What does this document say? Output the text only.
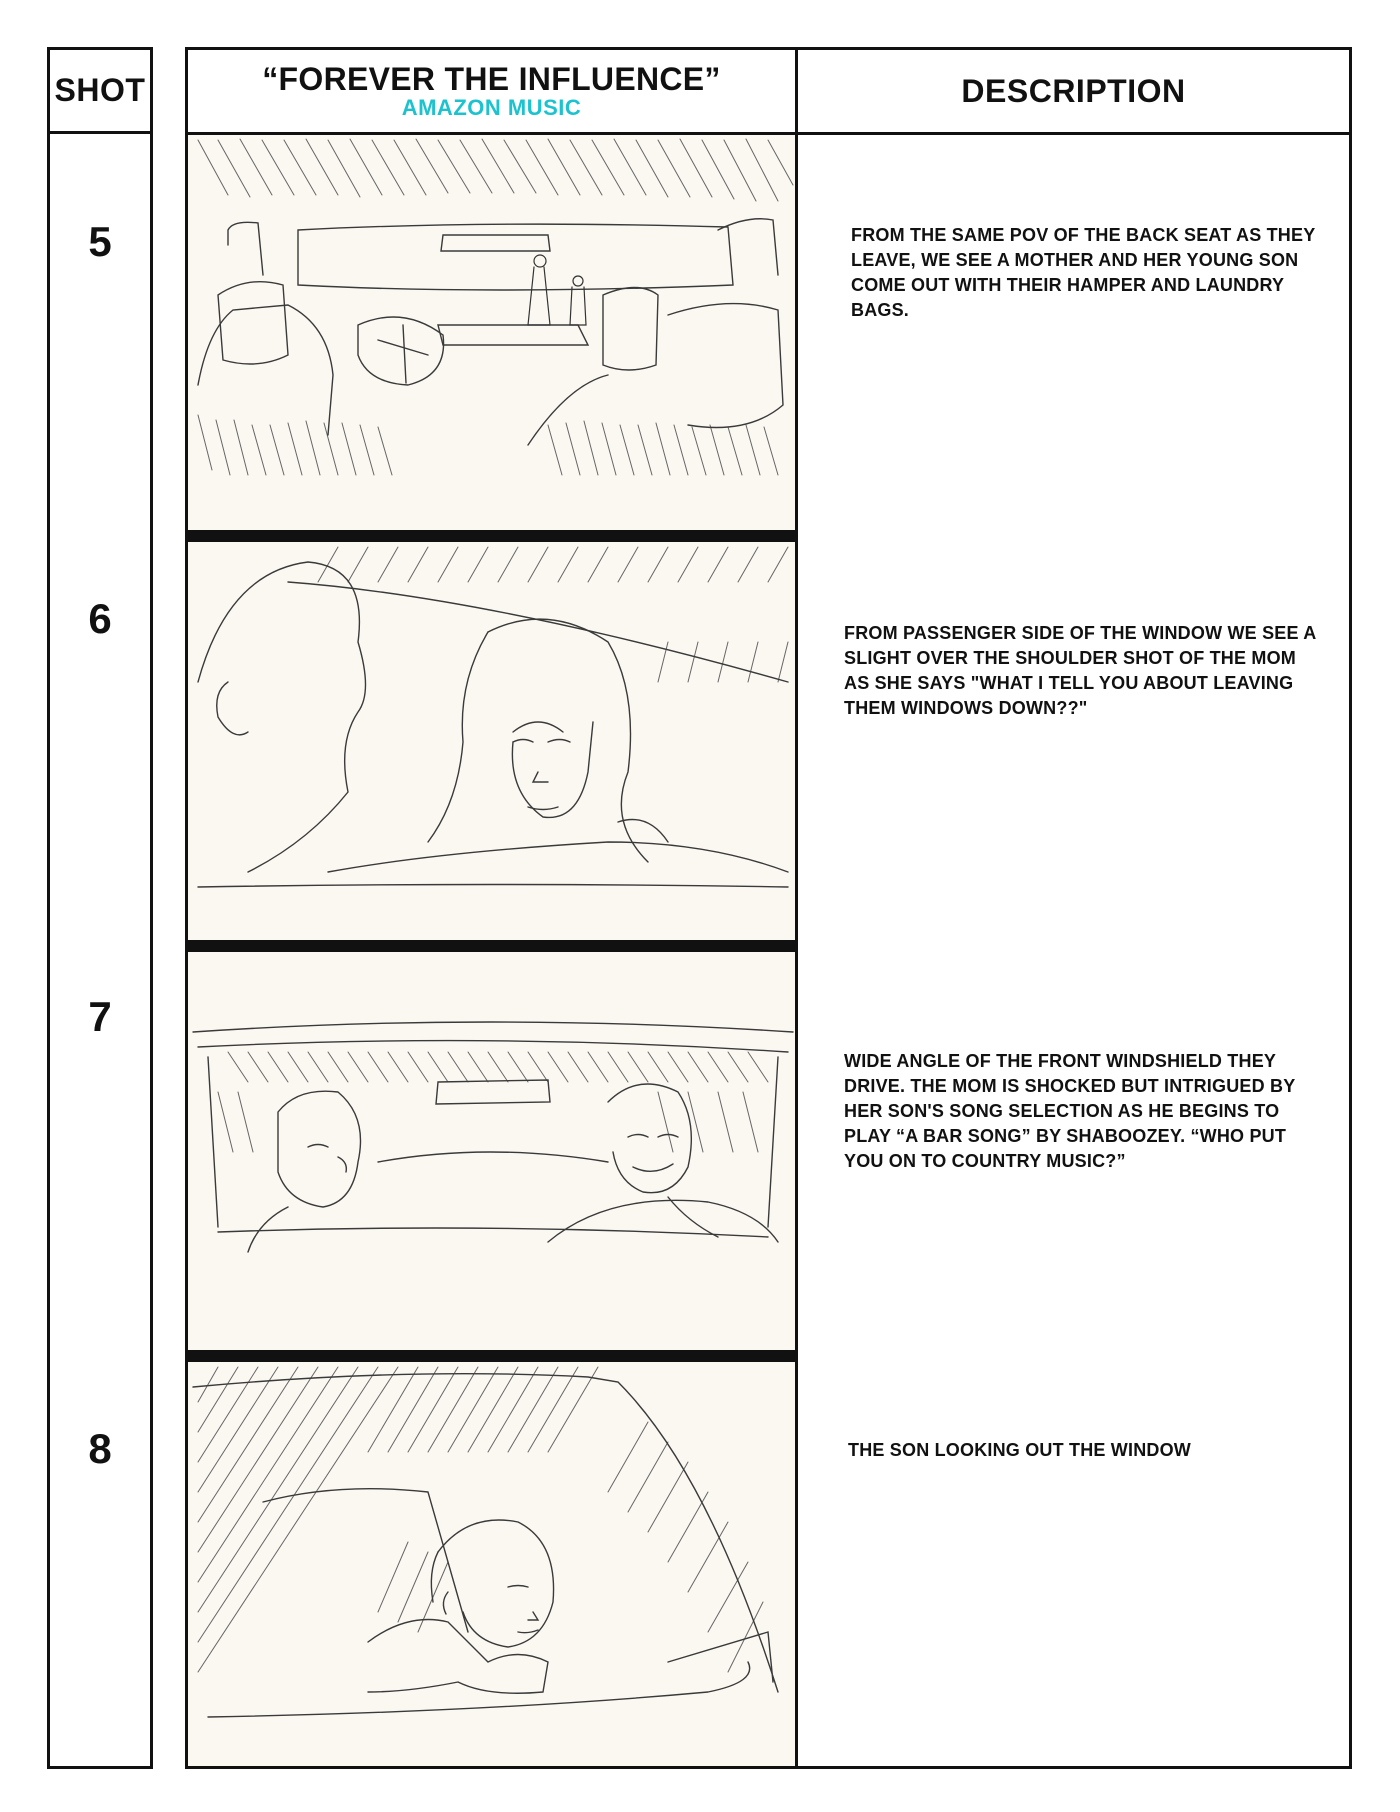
SHOT
5
6
7
8
“FOREVER THE INFLUENCE”
AMAZON MUSIC	DESCRIPTION
FROM THE SAME POV OF THE BACK SEAT AS THEY LEAVE, WE SEE A MOTHER AND HER YOUNG SON COME OUT WITH THEIR HAMPER AND LAUNDRY BAGS.
FROM PASSENGER SIDE OF THE WINDOW WE SEE A SLIGHT OVER THE SHOULDER SHOT OF THE MOM AS SHE SAYS "WHAT I TELL YOU ABOUT LEAVING THEM WINDOWS DOWN??"
WIDE ANGLE OF THE FRONT WINDSHIELD THEY DRIVE. THE MOM IS SHOCKED BUT INTRIGUED BY HER SON'S SONG SELECTION AS HE BEGINS TO PLAY “A BAR SONG” BY SHABOOZEY. “WHO PUT YOU ON TO COUNTRY MUSIC?”
THE SON LOOKING OUT THE WINDOW
